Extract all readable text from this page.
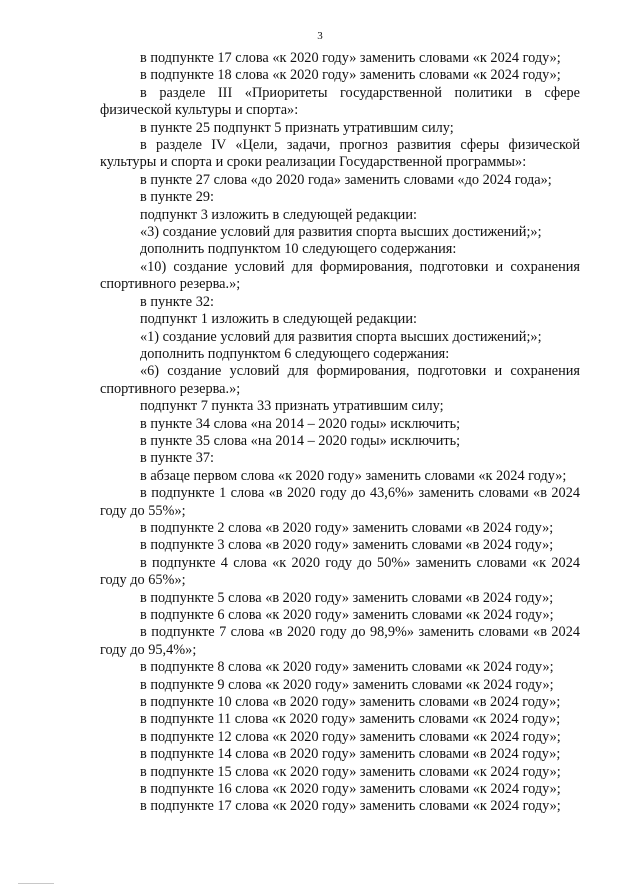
3

в подпункте 17 слова «к 2020 году» заменить словами «к 2024 году»;

в подпункте 18 слова «к 2020 году» заменить словами «к 2024 году»;

в разделе III «Приоритеты государственной политики в сфере физической культуры и спорта»:

в пункте 25 подпункт 5 признать утратившим силу;

в разделе IV «Цели, задачи, прогноз развития сферы физической культуры и спорта и сроки реализации Государственной программы»:

в пункте 27 слова «до 2020 года» заменить словами «до 2024 года»;

в пункте 29:

подпункт 3 изложить в следующей редакции:

«3) создание условий для развития спорта высших достижений;»;

дополнить подпунктом 10 следующего содержания:

«10) создание условий для формирования, подготовки и сохранения спортивного резерва.»;

в пункте 32:

подпункт 1 изложить в следующей редакции:

«1) создание условий для развития спорта высших достижений;»;

дополнить подпунктом 6 следующего содержания:

«6) создание условий для формирования, подготовки и сохранения спортивного резерва.»;

подпункт 7 пункта 33 признать утратившим силу;

в пункте 34 слова «на 2014 – 2020 годы» исключить;

в пункте 35 слова «на 2014 – 2020 годы» исключить;

в пункте 37:

в абзаце первом слова «к 2020 году» заменить словами «к 2024 году»;

в подпункте 1 слова «в 2020 году до 43,6%» заменить словами «в 2024 году до 55%»;

в подпункте 2 слова «в 2020 году» заменить словами «в 2024 году»;

в подпункте 3 слова «в 2020 году» заменить словами «в 2024 году»;

в подпункте 4 слова «к 2020 году до 50%» заменить словами «к 2024 году до 65%»;

в подпункте 5 слова «в 2020 году» заменить словами «в 2024 году»;

в подпункте 6 слова «к 2020 году» заменить словами «к 2024 году»;

в подпункте 7 слова «в 2020 году до 98,9%» заменить словами «в 2024 году до 95,4%»;

в подпункте 8 слова «к 2020 году» заменить словами «к 2024 году»;

в подпункте 9 слова «к 2020 году» заменить словами «к 2024 году»;

в подпункте 10 слова «в 2020 году» заменить словами «в 2024 году»;

в подпункте 11 слова «к 2020 году» заменить словами «к 2024 году»;

в подпункте 12 слова «к 2020 году» заменить словами «к 2024 году»;

в подпункте 14 слова «в 2020 году» заменить словами «в 2024 году»;

в подпункте 15 слова «к 2020 году» заменить словами «к 2024 году»;

в подпункте 16 слова «к 2020 году» заменить словами «к 2024 году»;

в подпункте 17 слова «к 2020 году» заменить словами «к 2024 году»;
